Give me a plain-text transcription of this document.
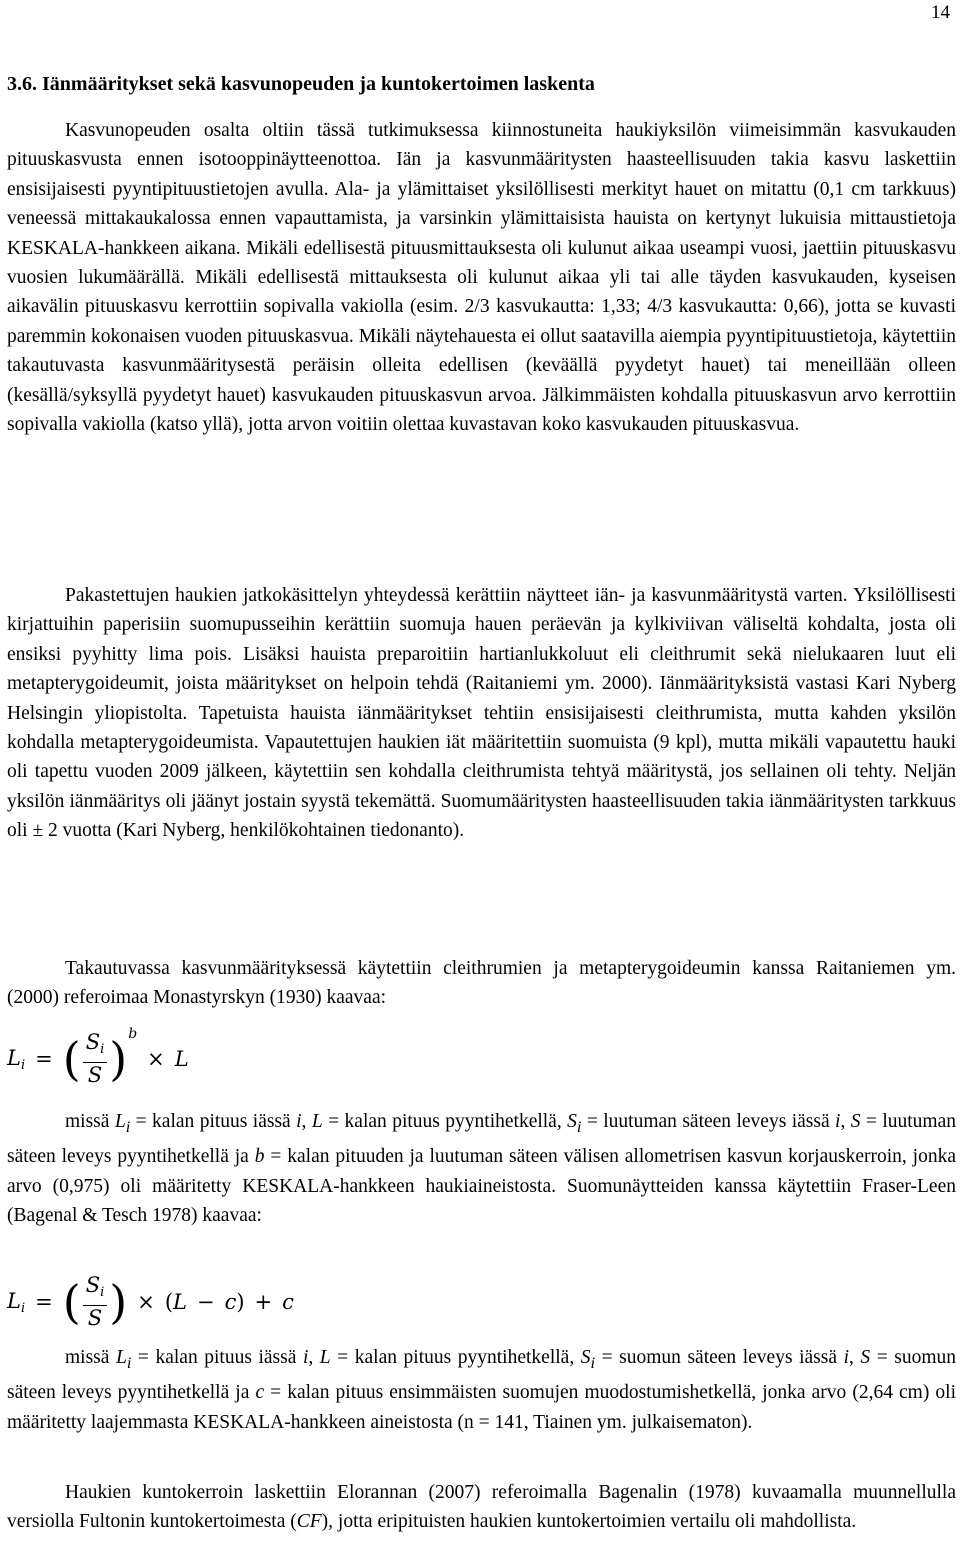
14
3.6. Iänmääritykset sekä kasvunopeuden ja kuntokertoimen laskenta

Kasvunopeuden osalta oltiin tässä tutkimuksessa kiinnostuneita haukiyksilön viimeisimmän kasvukauden pituuskasvusta ennen isotooppinäytteenottoa. Iän ja kasvunmääritysten haasteellisuuden takia kasvu laskettiin ensisijaisesti pyyntipituustietojen avulla. Ala- ja ylämittaiset yksilöllisesti merkityt hauet on mitattu (0,1 cm tarkkuus) veneessä mittakaukalossa ennen vapauttamista, ja varsinkin ylämittaisista hauista on kertynyt lukuisia mittaustietoja KESKALA-hankkeen aikana. Mikäli edellisestä pituusmittauksesta oli kulunut aikaa useampi vuosi, jaettiin pituuskasvu vuosien lukumäärällä. Mikäli edellisestä mittauksesta oli kulunut aikaa yli tai alle täyden kasvukauden, kyseisen aikavälin pituuskasvu kerrottiin sopivalla vakiolla (esim. 2/3 kasvukautta: 1,33; 4/3 kasvukautta: 0,66), jotta se kuvasti paremmin kokonaisen vuoden pituuskasvua. Mikäli näytehauesta ei ollut saatavilla aiempia pyyntipituustietoja, käytettiin takautuvasta kasvunmääritysestä peräisin olleita edellisen (keväällä pyydetyt hauet) tai meneillään olleen (kesällä/syksyllä pyydetyt hauet) kasvukauden pituuskasvun arvoa. Jälkimmäisten kohdalla pituuskasvun arvo kerrottiin sopivalla vakiolla (katso yllä), jotta arvon voitiin olettaa kuvastavan koko kasvukauden pituuskasvua.

Pakastettujen haukien jatkokäsittelyn yhteydessä kerättiin näytteet iän- ja kasvunmääritystä varten. Yksilöllisesti kirjattuihin paperisiin suomupusseihin kerättiin suomuja hauen peräevän ja kylkiviivan väliseltä kohdalta, josta oli ensiksi pyyhitty lima pois. Lisäksi hauista preparoitiin hartianlukkoluut eli cleithrumit sekä nielukaaren luut eli metapterygoideumit, joista määritykset on helpoin tehdä (Raitaniemi ym. 2000). Iänmäärityksistä vastasi Kari Nyberg Helsingin yliopistolta. Tapetuista hauista iänmääritykset tehtiin ensisijaisesti cleithrumista, mutta kahden yksilön kohdalla metapterygoideumista. Vapautettujen haukien iät määritettiin suomuista (9 kpl), mutta mikäli vapautettu hauki oli tapettu vuoden 2009 jälkeen, käytettiin sen kohdalla cleithrumista tehtyä määritystä, jos sellainen oli tehty. Neljän yksilön iänmääritys oli jäänyt jostain syystä tekemättä. Suomumääritysten haasteellisuuden takia iänmääritysten tarkkuus oli ± 2 vuotta (Kari Nyberg, henkilökohtainen tiedonanto).

Takautuvassa kasvunmäärityksessä käytettiin cleithrumien ja metapterygoideumin kanssa Raitaniemen ym. (2000) referoimaa Monastyrskyn (1930) kaavaa:

$L_i$ = ( $\frac{S_i}{S}$ ) b
× L

missä $L_i$ = kalan pituus iässä i, L = kalan pituus pyyntihetkellä, $S_i$ = luutuman säteen leveys iässä i, S = luutuman säteen leveys pyyntihetkellä ja b = kalan pituuden ja luutuman säteen välisen allometrisen kasvun korjauskerroin, jonka arvo (0,975) oli määritetty KESKALA-hankkeen haukiaineistosta. Suomunäytteiden kanssa käytettiin Fraser-Leen (Bagenal & Tesch 1978) kaavaa:

$L_i$ = ( $\frac{S_i}{S}$ ) × ( L − c ) + c

missä $L_i$ = kalan pituus iässä i, L = kalan pituus pyyntihetkellä, $S_i$ = suomun säteen leveys iässä i, S = suomun säteen leveys pyyntihetkellä ja c = kalan pituus ensimmäisten suomujen muodostumishetkellä, jonka arvo (2,64 cm) oli määritetty laajemmasta KESKALA-hankkeen aineistosta (n = 141, Tiainen ym. julkaisematon).

Haukien kuntokerroin laskettiin Elorannan (2007) referoimalla Bagenalin (1978) kuvaamalla muunnellulla versiolla Fultonin kuntokertoimesta (CF), jotta eripituisten haukien kuntokertoimien vertailu oli mahdollista.
